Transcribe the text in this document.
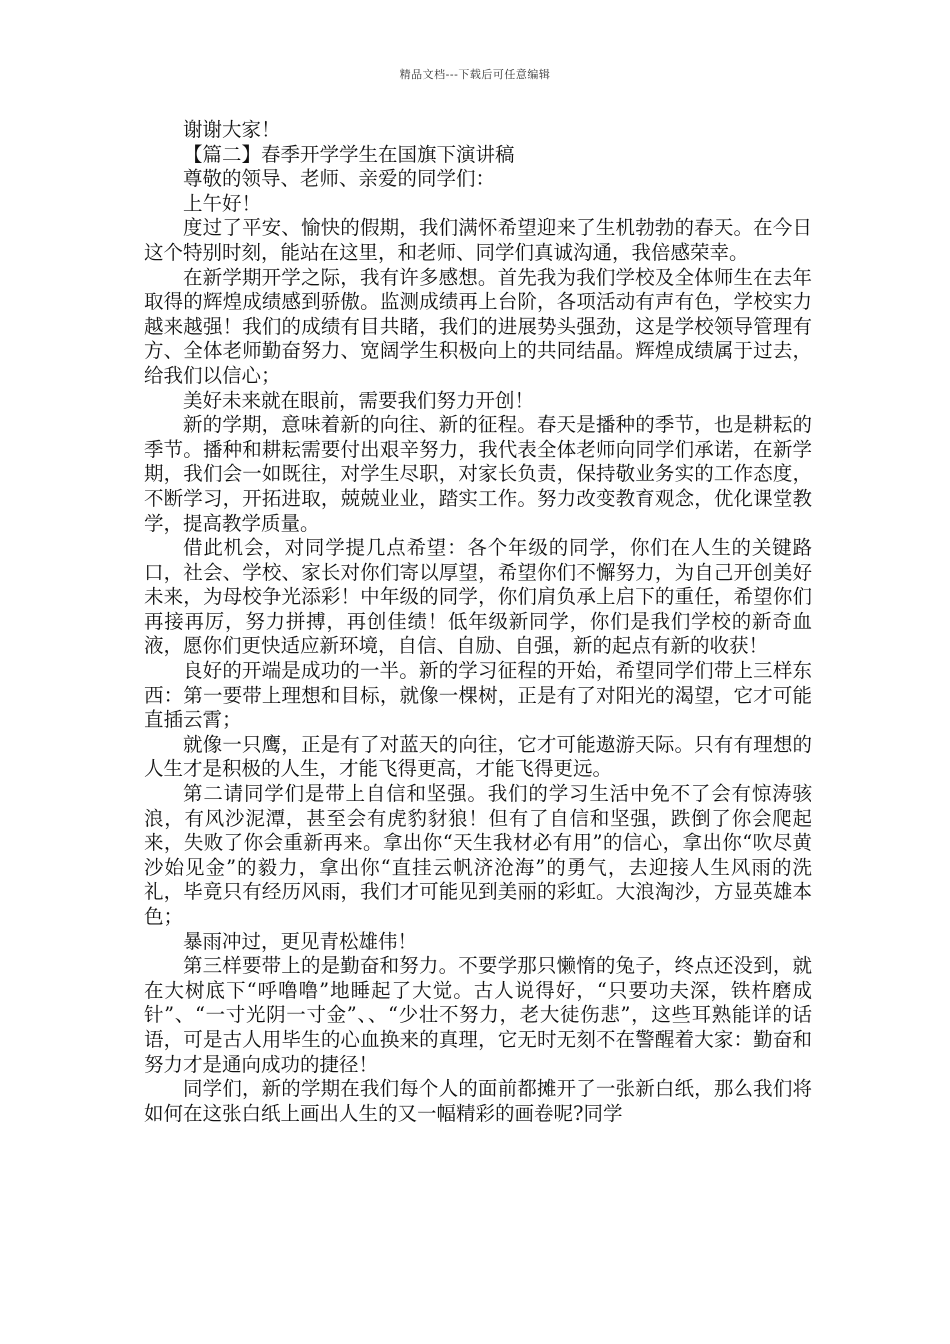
精品文档---下载后可任意编辑

谢谢大家！

【篇二】春季开学学生在国旗下演讲稿

尊敬的领导、老师、亲爱的同学们：

上午好！

度过了平安、愉快的假期，我们满怀希望迎来了生机勃勃的春天。在今日这个特别时刻，能站在这里，和老师、同学们真诚沟通，我倍感荣幸。

在新学期开学之际，我有许多感想。首先我为我们学校及全体师生在去年取得的辉煌成绩感到骄傲。监测成绩再上台阶，各项活动有声有色，学校实力越来越强！我们的成绩有目共睹，我们的进展势头强劲，这是学校领导管理有方、全体老师勤奋努力、宽阔学生积极向上的共同结晶。辉煌成绩属于过去，给我们以信心；

美好未来就在眼前，需要我们努力开创！

新的学期，意味着新的向往、新的征程。春天是播种的季节，也是耕耘的季节。播种和耕耘需要付出艰辛努力，我代表全体老师向同学们承诺，在新学期，我们会一如既往，对学生尽职，对家长负责，保持敬业务实的工作态度，不断学习，开拓进取，兢兢业业，踏实工作。努力改变教育观念，优化课堂教学，提高教学质量。

借此机会，对同学提几点希望：各个年级的同学，你们在人生的关键路口，社会、学校、家长对你们寄以厚望，希望你们不懈努力，为自己开创美好未来，为母校争光添彩！中年级的同学，你们肩负承上启下的重任，希望你们再接再厉，努力拼搏，再创佳绩！低年级新同学，你们是我们学校的新奇血液，愿你们更快适应新环境，自信、自励、自强，新的起点有新的收获！

良好的开端是成功的一半。新的学习征程的开始，希望同学们带上三样东西：第一要带上理想和目标，就像一棵树，正是有了对阳光的渴望，它才可能直插云霄；

就像一只鹰，正是有了对蓝天的向往，它才可能遨游天际。只有有理想的人生才是积极的人生，才能飞得更高，才能飞得更远。

第二请同学们是带上自信和坚强。我们的学习生活中免不了会有惊涛骇浪，有风沙泥潭，甚至会有虎豹豺狼！但有了自信和坚强，跌倒了你会爬起来，失败了你会重新再来。拿出你“天生我材必有用”的信心，拿出你“吹尽黄沙始见金”的毅力，拿出你“直挂云帆济沧海”的勇气，去迎接人生风雨的洗礼，毕竟只有经历风雨，我们才可能见到美丽的彩虹。大浪淘沙，方显英雄本色；

暴雨冲过，更见青松雄伟！

第三样要带上的是勤奋和努力。不要学那只懒惰的兔子，终点还没到，就在大树底下“呼噜噜”地睡起了大觉。古人说得好，“只要功夫深，铁杵磨成针”、“一寸光阴一寸金”、、“少壮不努力，老大徒伤悲”，这些耳熟能详的话语，可是古人用毕生的心血换来的真理，它无时无刻不在警醒着大家：勤奋和努力才是通向成功的捷径！

同学们，新的学期在我们每个人的面前都摊开了一张新白纸，那么我们将如何在这张白纸上画出人生的又一幅精彩的画卷呢?同学
